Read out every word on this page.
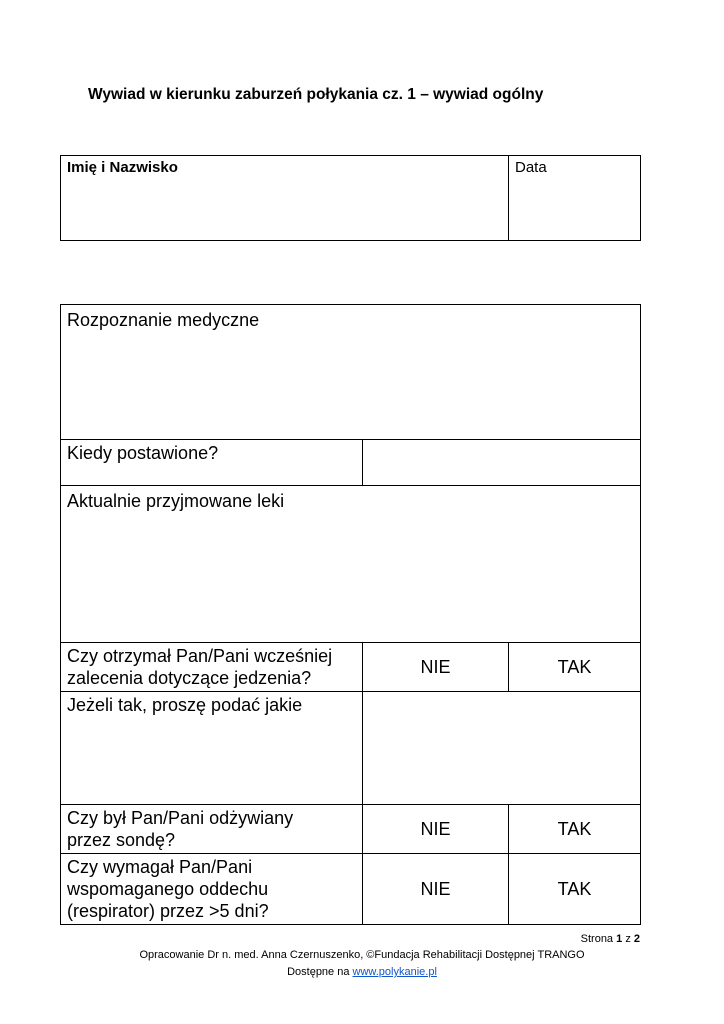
Wywiad w kierunku zaburzeń połykania cz. 1 – wywiad ogólny
Imię i Nazwisko	Data
Rozpoznanie medyczne		

Kiedy postawione?		

Aktualnie przyjmowane leki		

Czy otrzymał Pan/Pani wcześniej
zalecenia dotyczące jedzenia?	NIE	TAK
Jeżeli tak, proszę podać jakie		

Czy był Pan/Pani odżywiany
przez sondę?	NIE	TAK

Czy wymagał Pan/Pani
wspomaganego oddechu
(respirator) przez >5 dni?	NIE	TAK
Strona 1 z 2
Opracowanie Dr n. med. Anna Czernuszenko, ©Fundacja Rehabilitacji Dostępnej TRANGO
Dostępne na www.polykanie.pl
